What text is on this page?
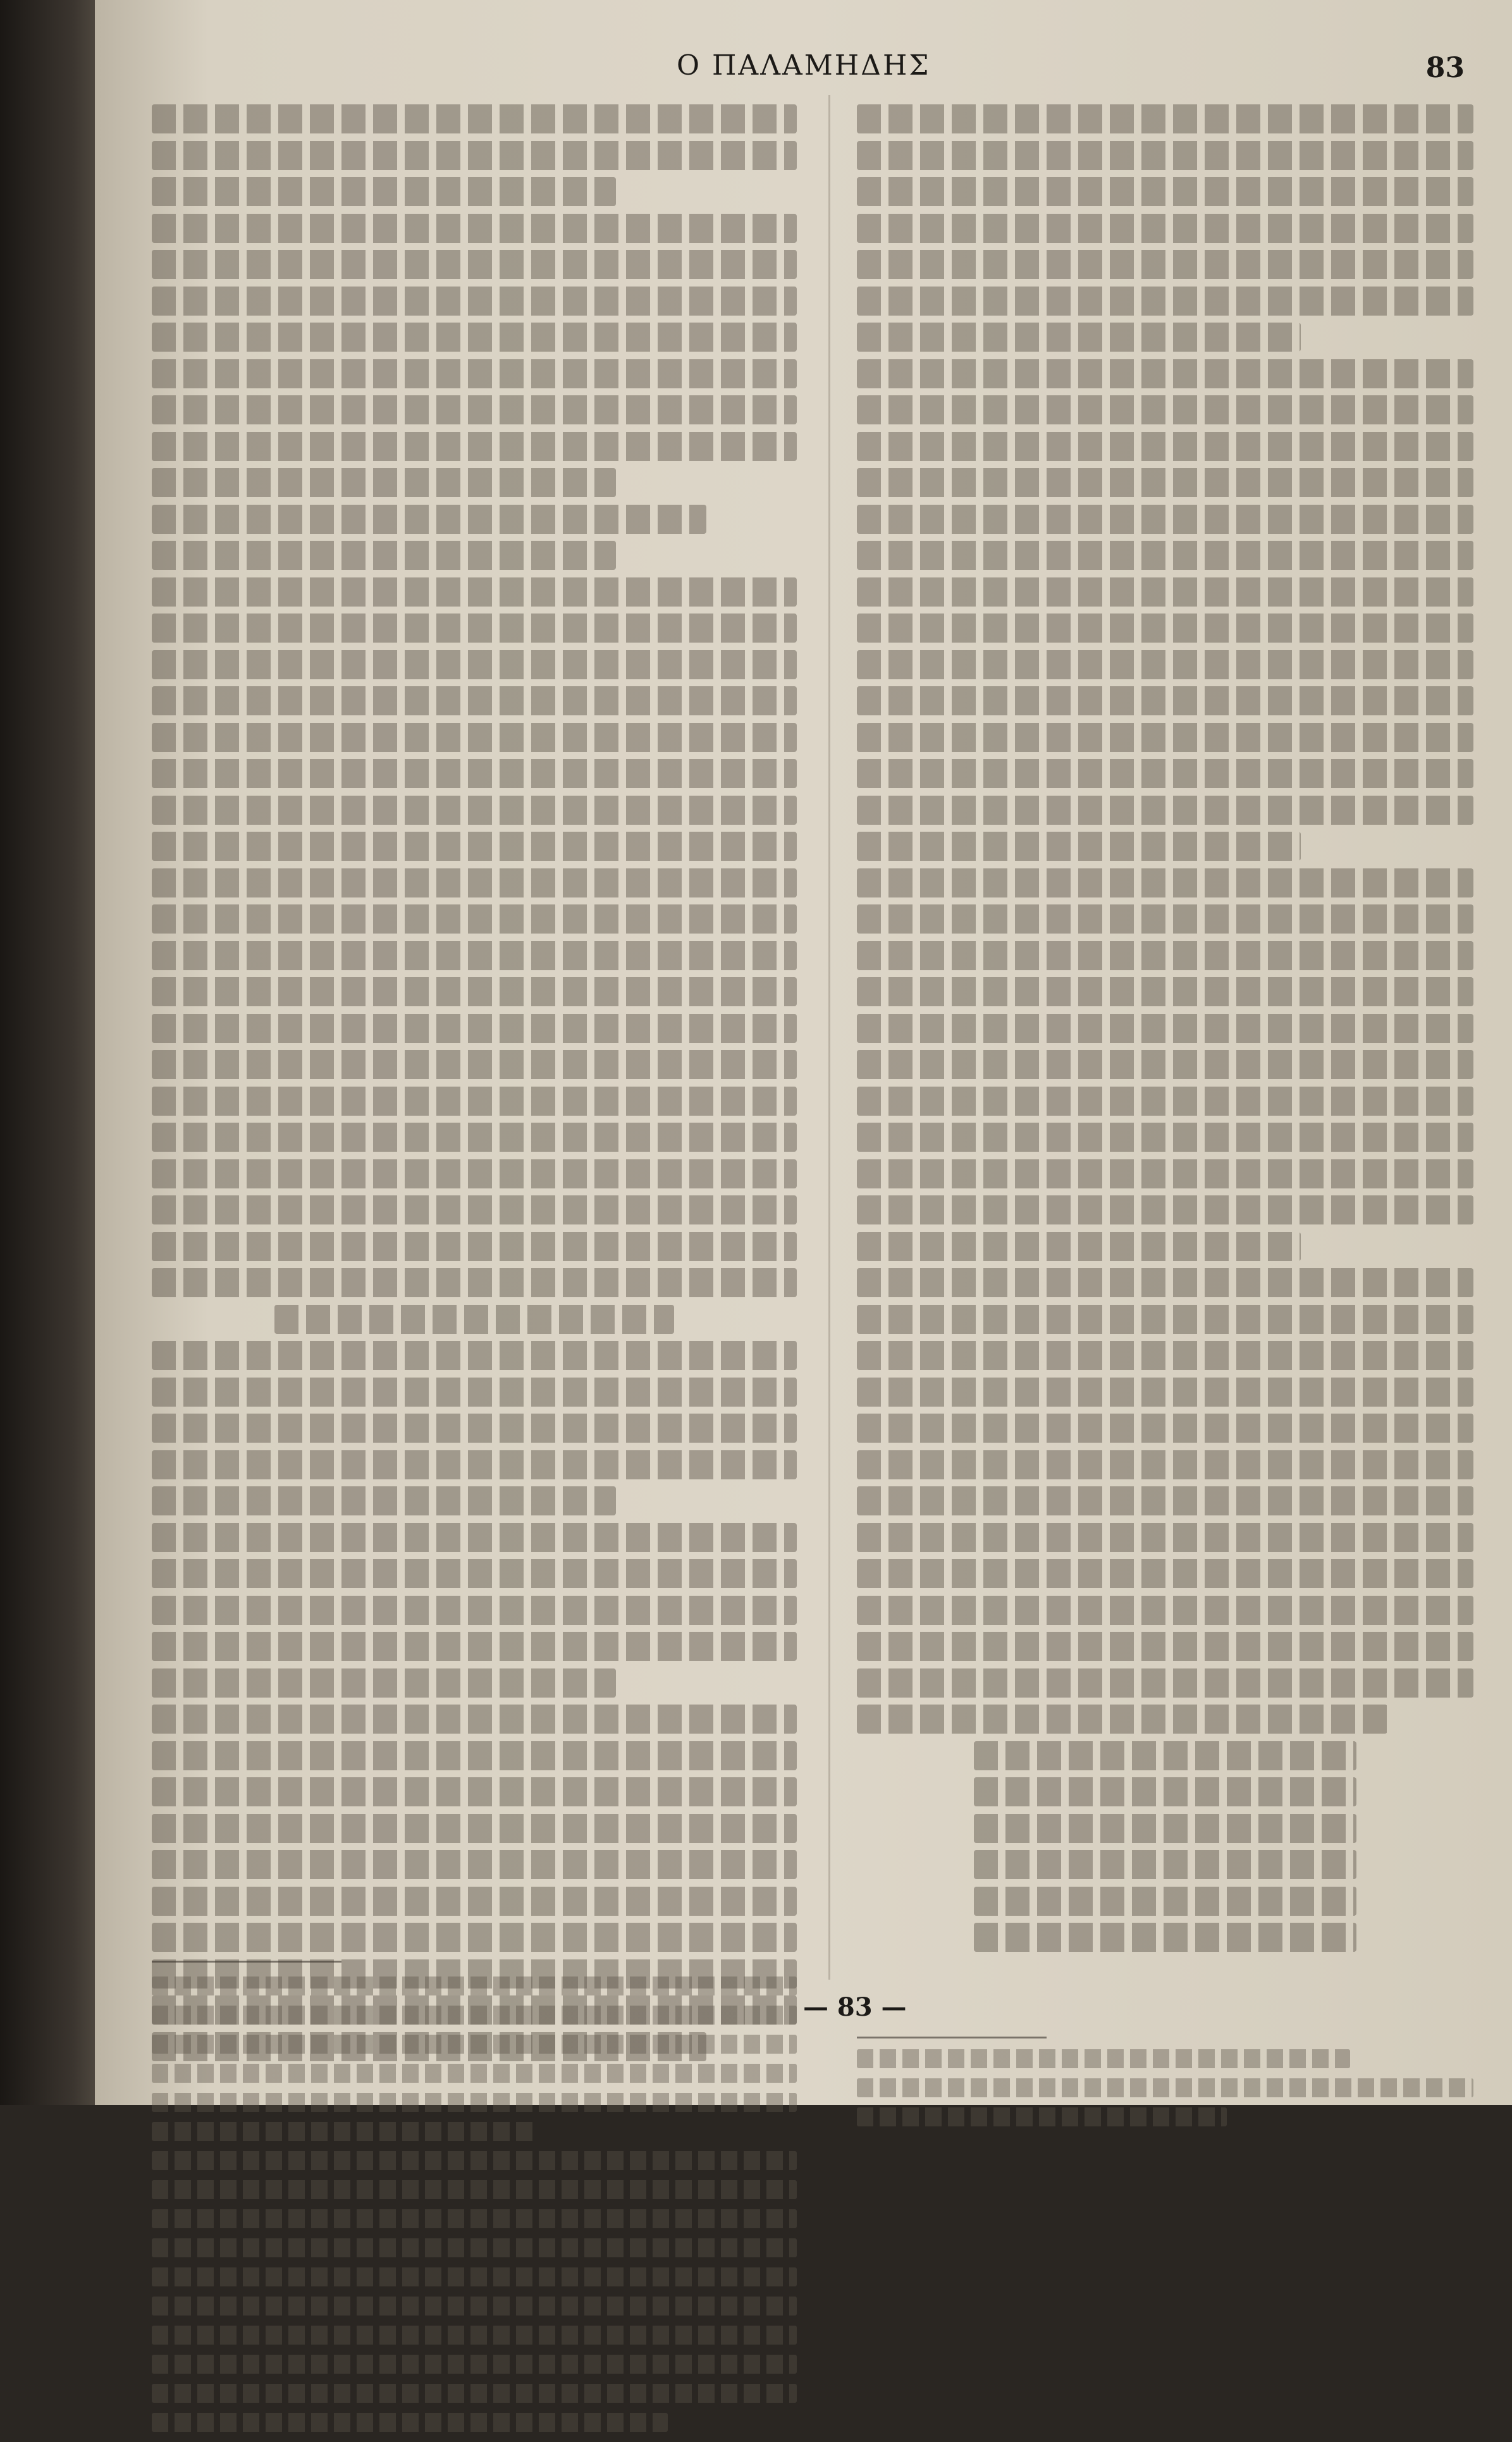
Ο ΠΑΛΑΜΗΔΗΣ	83
— 83 —
